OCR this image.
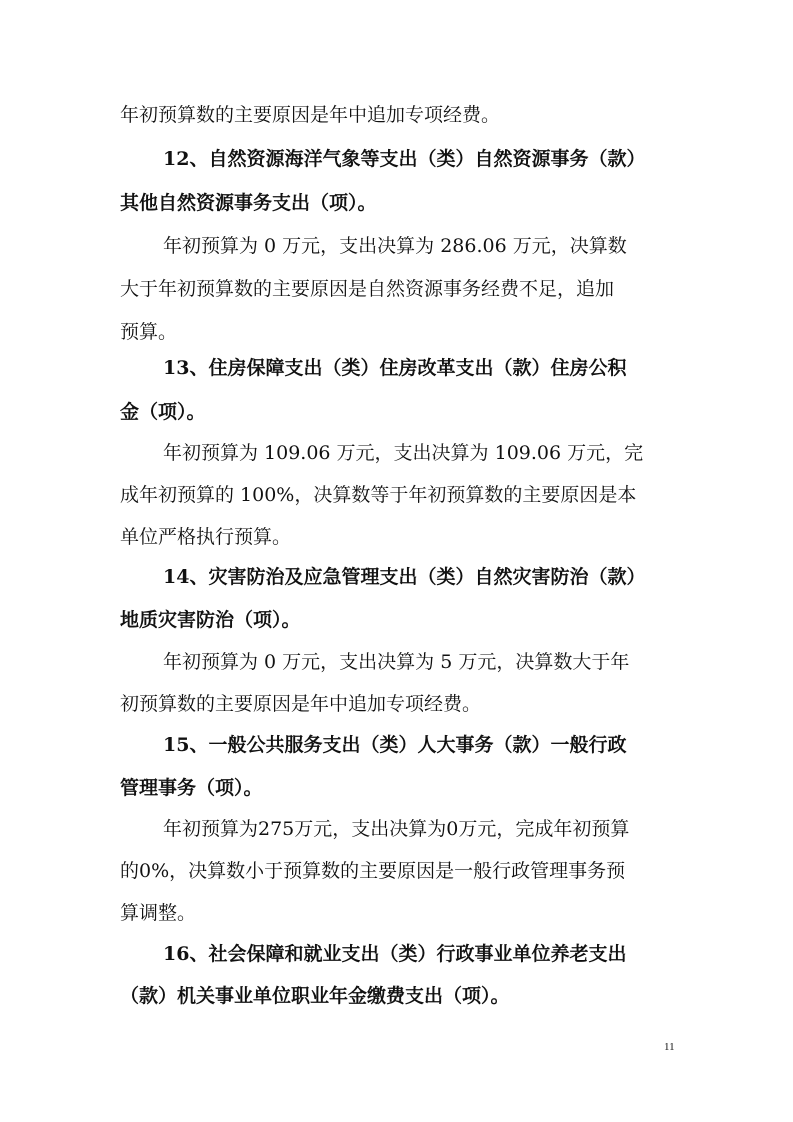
年初预算数的主要原因是年中追加专项经费。
12、自然资源海洋气象等支出（类）自然资源事务（款）
其他自然资源事务支出（项）。
年初预算为 0 万元，支出决算为 286.06 万元，决算数
大于年初预算数的主要原因是自然资源事务经费不足，追加
预算。
13、住房保障支出（类）住房改革支出（款）住房公积
金（项）。
年初预算为 109.06 万元，支出决算为 109.06 万元，完
成年初预算的 100%，决算数等于年初预算数的主要原因是本
单位严格执行预算。
14、灾害防治及应急管理支出（类）自然灾害防治（款）
地质灾害防治（项）。
年初预算为 0 万元，支出决算为 5 万元，决算数大于年
初预算数的主要原因是年中追加专项经费。
15、一般公共服务支出（类）人大事务（款）一般行政
管理事务（项）。
年初预算为275万元，支出决算为0万元，完成年初预算
的0%，决算数小于预算数的主要原因是一般行政管理事务预
算调整。
16、社会保障和就业支出（类）行政事业单位养老支出
（款）机关事业单位职业年金缴费支出（项）。
11
